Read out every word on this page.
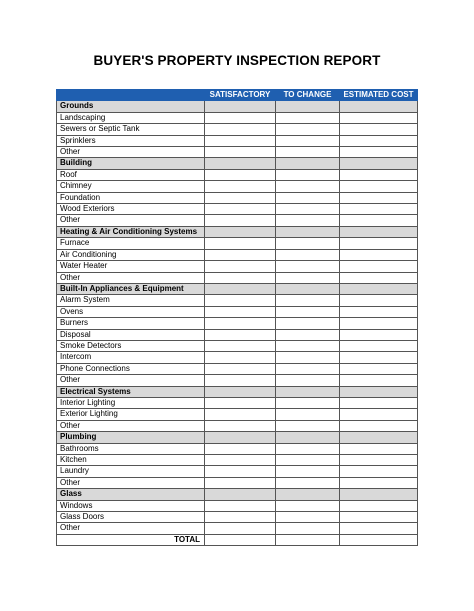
BUYER'S PROPERTY INSPECTION REPORT
	SATISFACTORY	TO CHANGE	ESTIMATED COST
Grounds			
Landscaping			
Sewers or Septic Tank			
Sprinklers			
Other			
Building			
Roof			
Chimney			
Foundation			
Wood Exteriors			
Other			
Heating & Air Conditioning Systems			
Furnace			
Air Conditioning			
Water Heater			
Other			
Built-In Appliances & Equipment			
Alarm System			
Ovens			
Burners			
Disposal			
Smoke Detectors			
Intercom			
Phone Connections			
Other			
Electrical Systems			
Interior Lighting			
Exterior Lighting			
Other			
Plumbing			
Bathrooms			
Kitchen			
Laundry			
Other			
Glass			
Windows			
Glass Doors			
Other			
TOTAL			
